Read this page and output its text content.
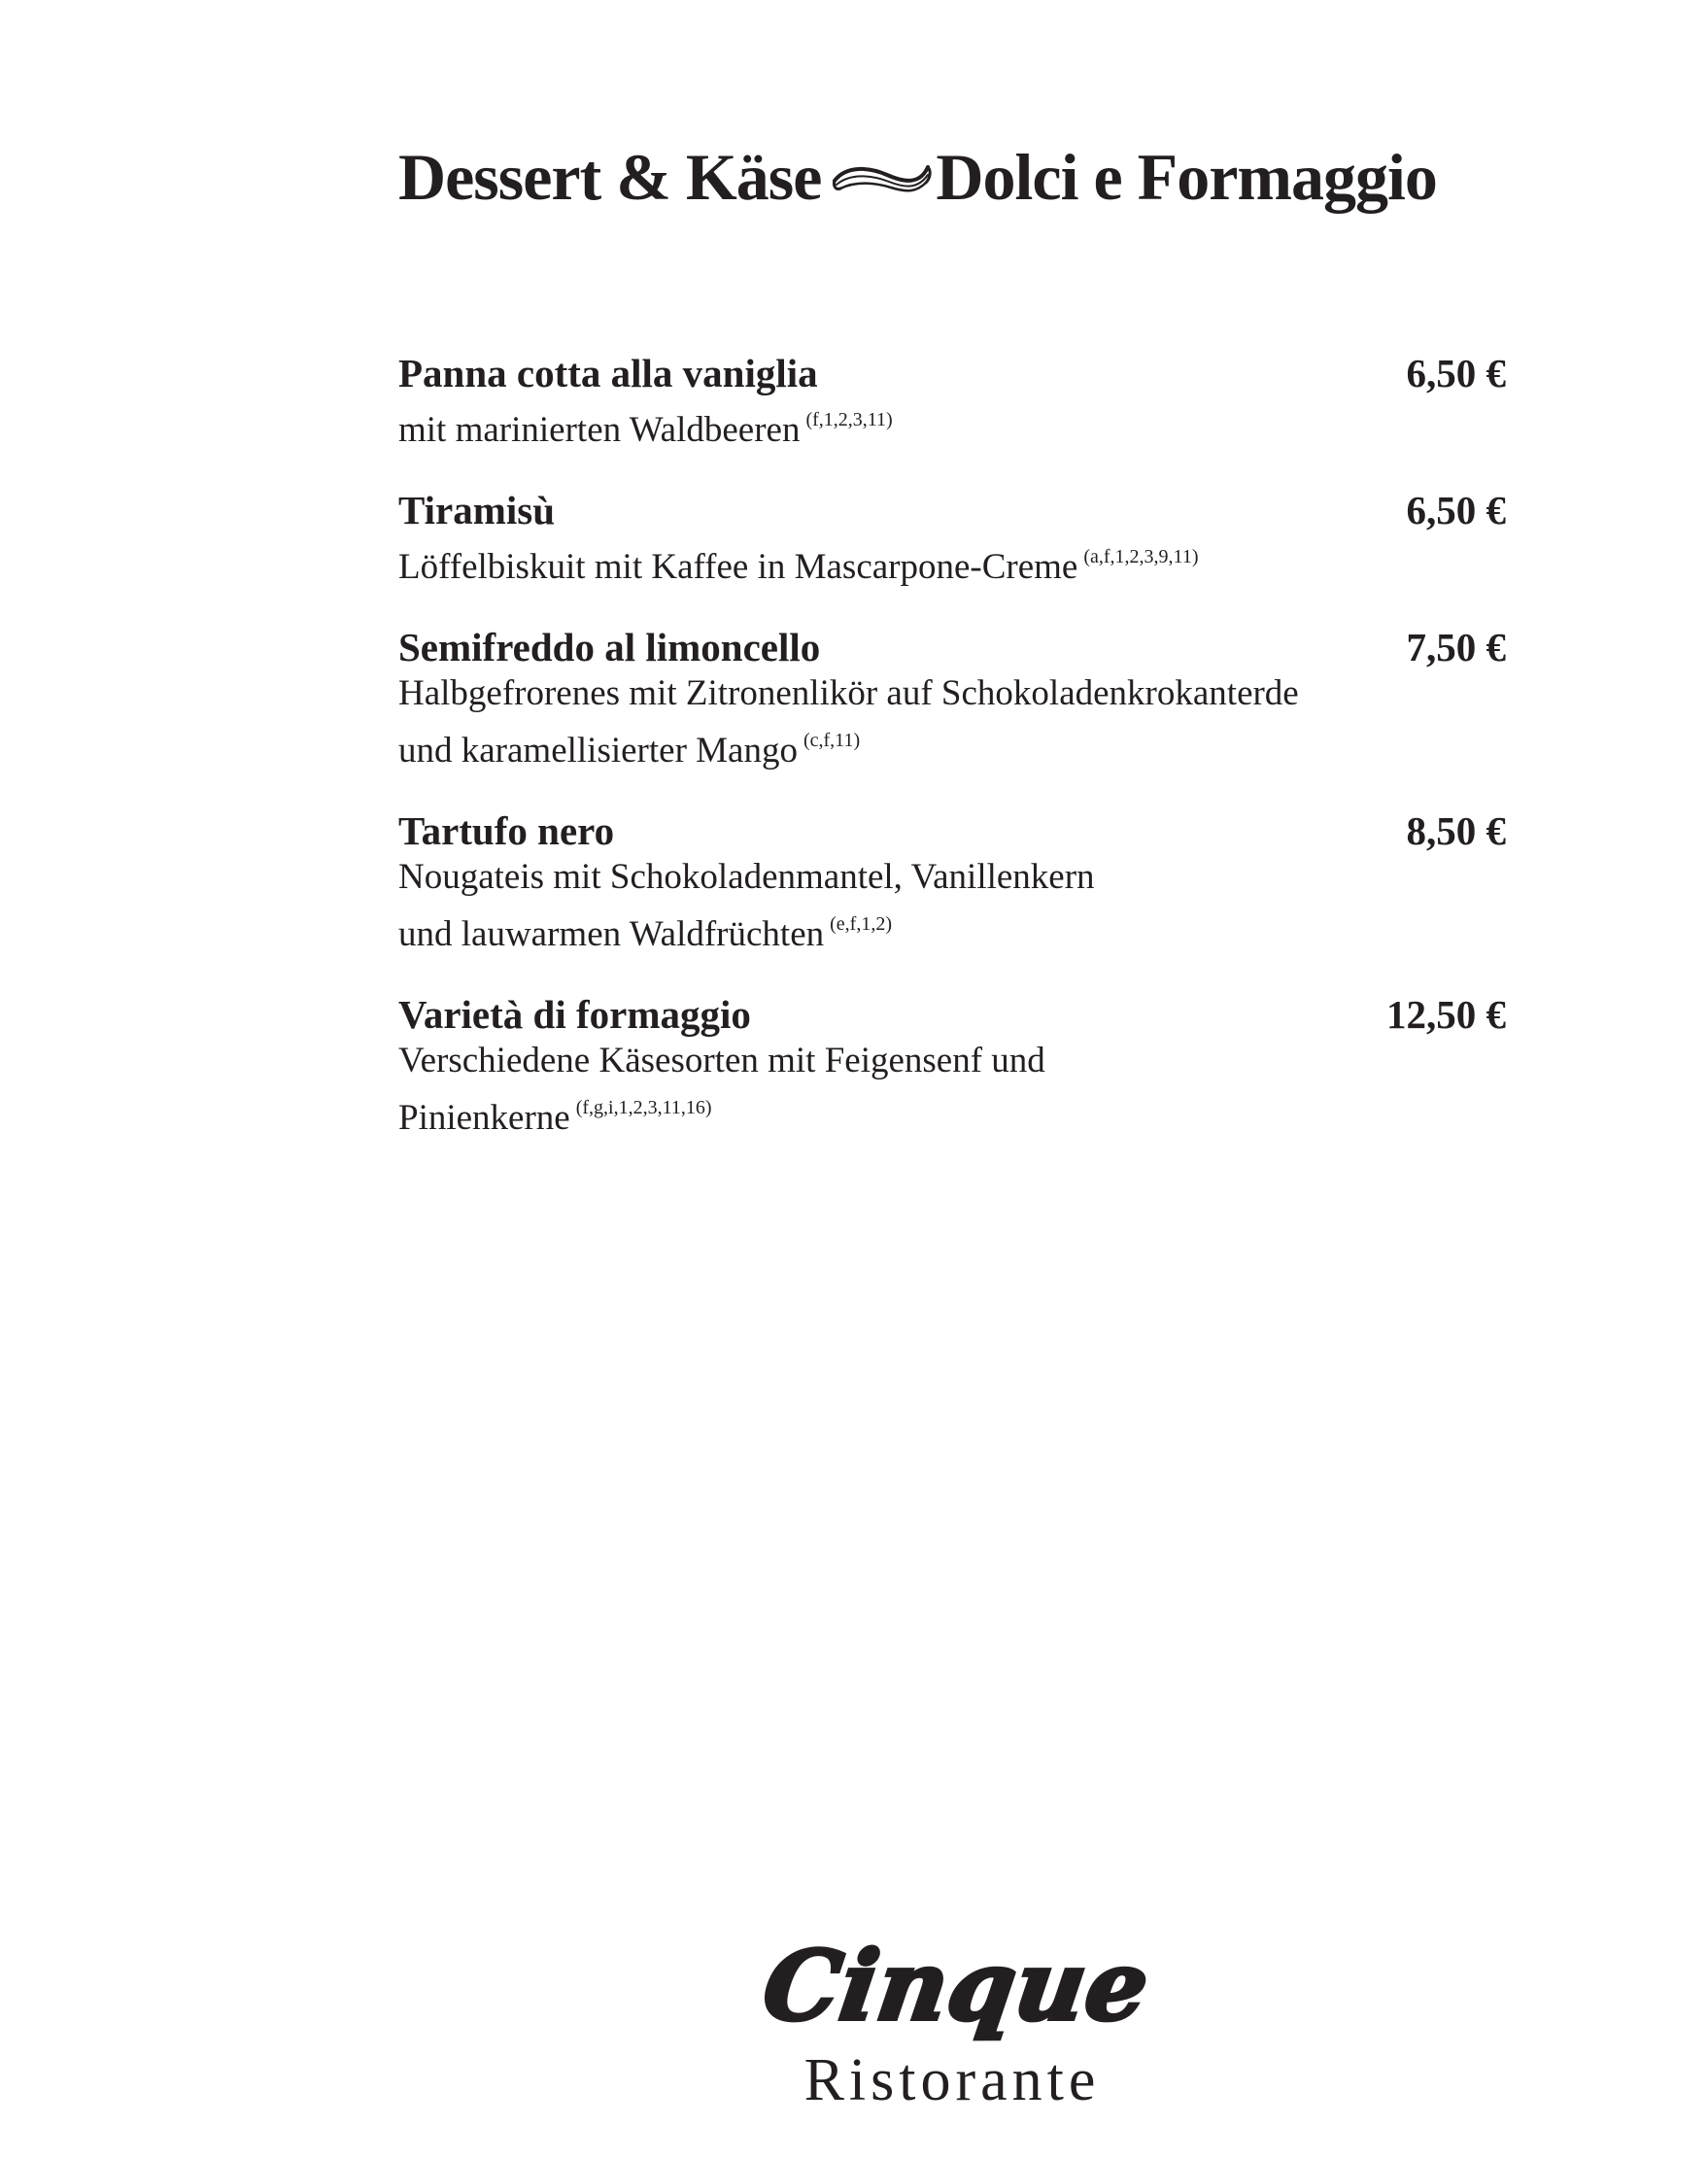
Dessert & Käse Dolci e Formaggio
Panna cotta alla vaniglia	6,50 €
mit marinierten Waldbeeren $^{(f,1,2,3,11)}$
Tiramisù	6,50 €
Löffelbiskuit mit Kaffee in Mascarpone-Creme $^{(a,f,1,2,3,9,11)}$
Semifreddo al limoncello	7,50 €
Halbgefrorenes mit Zitronenlikör auf Schokoladenkrokanterde
und karamellisierter Mango $^{(c,f,11)}$
Tartufo nero	8,50 €
Nougateis mit Schokoladenmantel, Vanillenkern
und lauwarmen Waldfrüchten $^{(e,f,1,2)}$
Varietà di formaggio	12,50 €
Verschiedene Käsesorten mit Feigensenf und
Pinienkerne $^{(f,g,i,1,2,3,11,16)}$
Cinque
Ristorante
